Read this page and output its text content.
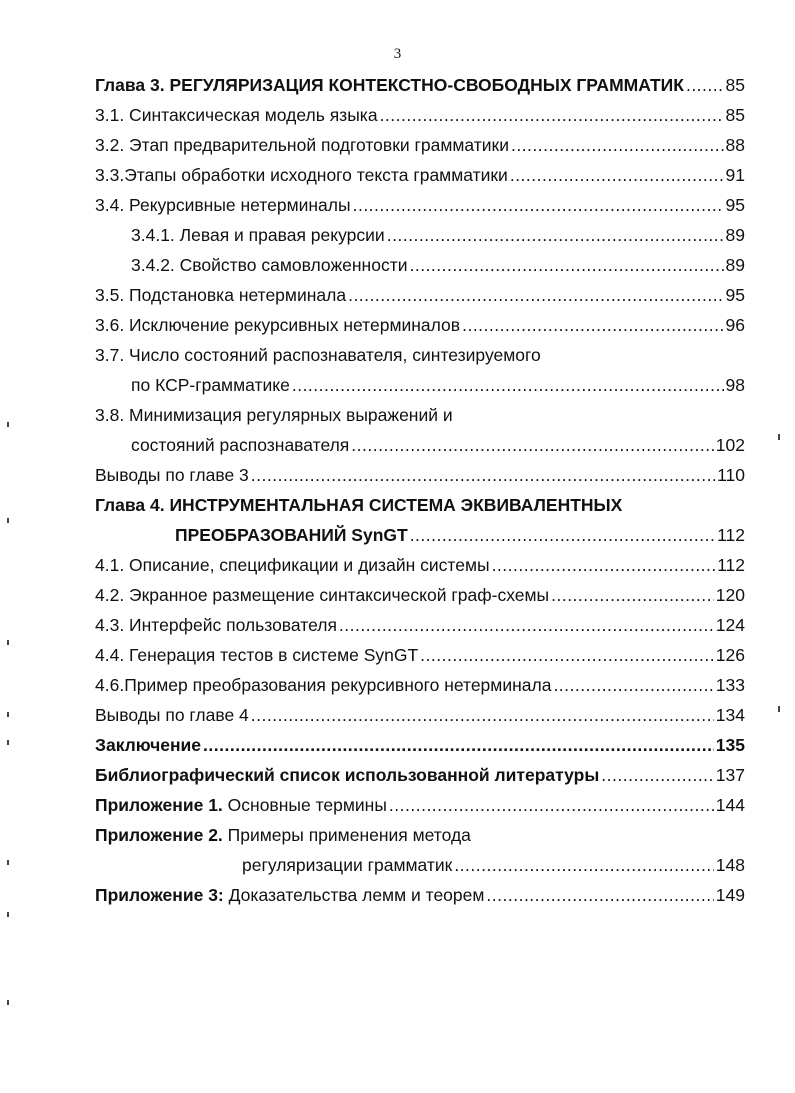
3
Глава 3. РЕГУЛЯРИЗАЦИЯ КОНТЕКСТНО-СВОБОДНЫХ ГРАММАТИК ..... 85
3.1. Синтаксическая модель языка .....	85
3.2. Этап предварительной подготовки грамматики .....	88
3.3.Этапы обработки исходного текста грамматики .....	91
3.4. Рекурсивные нетерминалы .....	95
3.4.1. Левая и правая рекурсии .....	89
3.4.2. Свойство самовложенности .....	89
3.5. Подстановка нетерминала .....	95
3.6. Исключение рекурсивных нетерминалов .....	96
3.7. Число состояний распознавателя, синтезируемого
по КСР-грамматике .....	98
3.8. Минимизация регулярных выражений и
состояний распознавателя .....	102
Выводы по главе 3 .....	110
Глава 4. ИНСТРУМЕНТАЛЬНАЯ СИСТЕМА ЭКВИВАЛЕНТНЫХ
ПРЕОБРАЗОВАНИЙ SynGT .....	112
4.1. Описание, спецификации и дизайн системы .....	112
4.2. Экранное размещение синтаксической граф-схемы .....	120
4.3. Интерфейс пользователя .....	124
4.4. Генерация тестов в системе SynGT .....	126
4.6.Пример преобразования рекурсивного нетерминала .....	133
Выводы по главе 4 .....	134
Заключение .....	135
Библиографический список использованной литературы .....	137
Приложение 1. Основные термины .....	144
Приложение 2. Примеры применения метода
регуляризации грамматик .....	148
Приложение 3: Доказательства лемм и теорем .....	149
